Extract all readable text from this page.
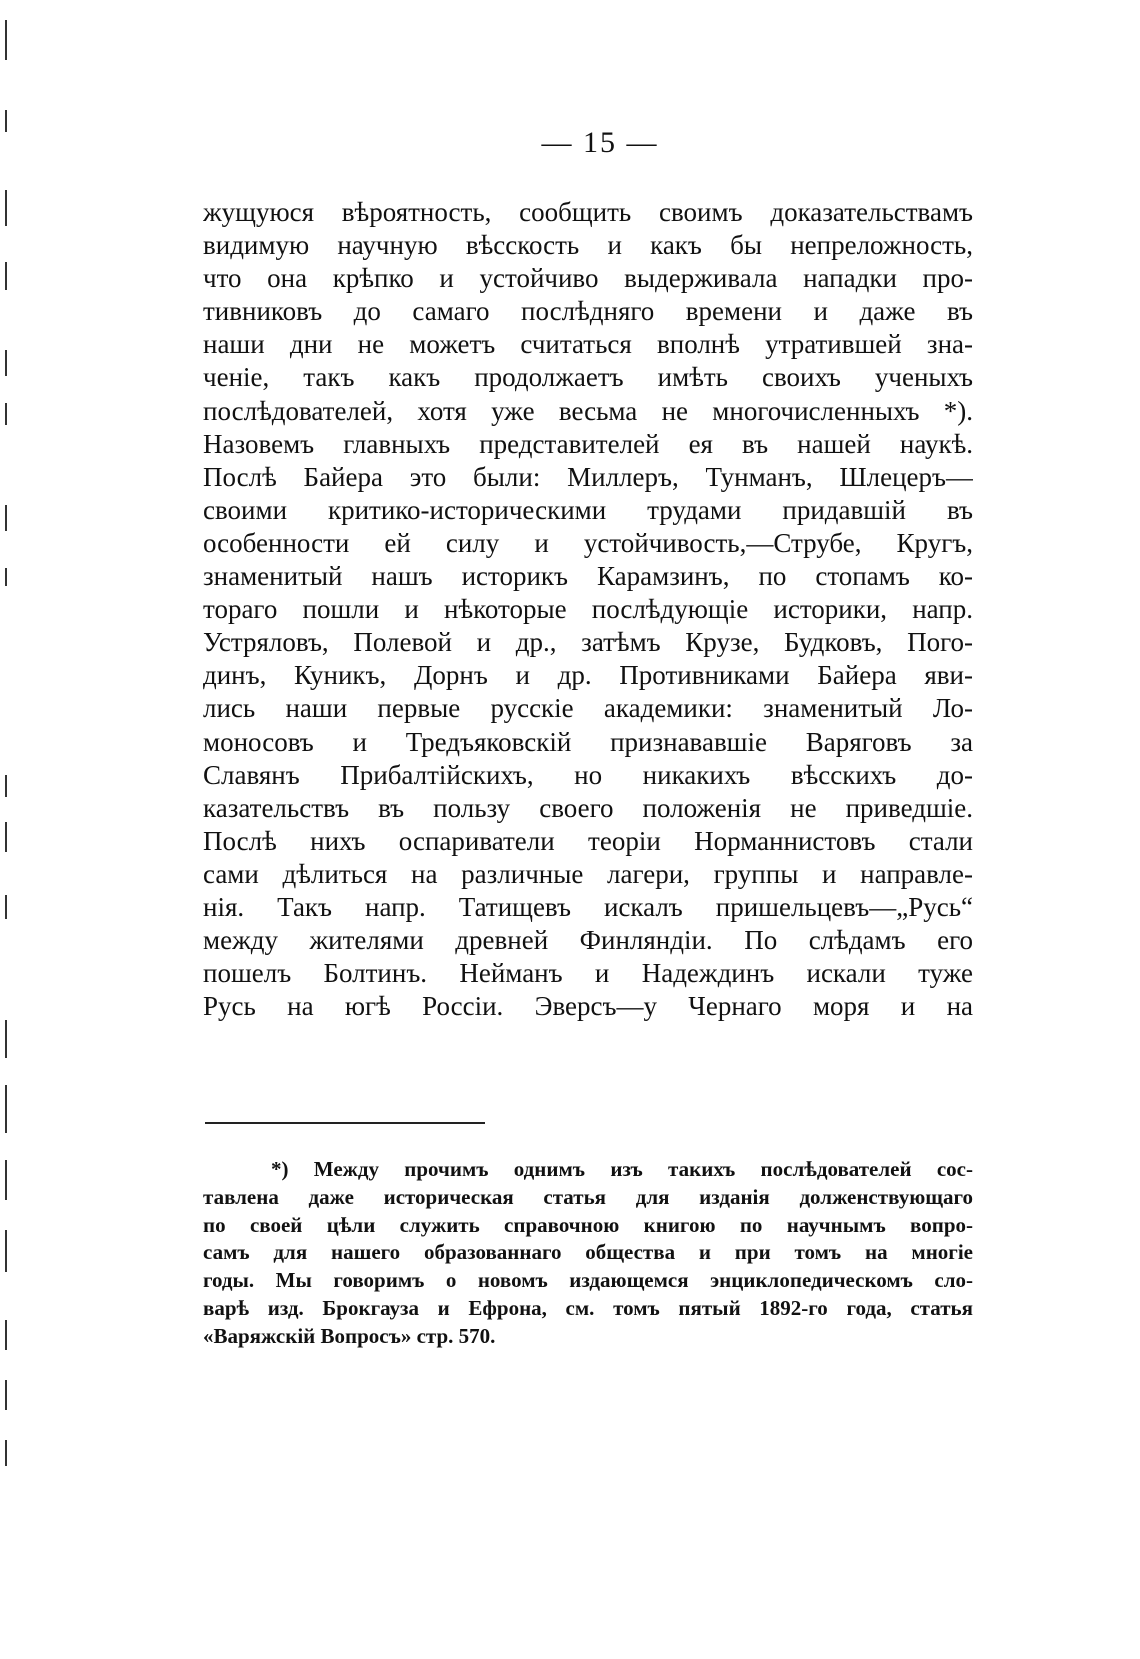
— 15 —
жущуюся вѣроятность, сообщить своимъ доказательствамъ
видимую научную вѣсскость и какъ бы непреложность,
что она крѣпко и устойчиво выдерживала нападки про-
тивниковъ до самаго послѣдняго времени и даже въ
наши дни не можетъ считаться вполнѣ утратившей зна-
ченіе, такъ какъ продолжаетъ имѣть своихъ ученыхъ
послѣдователей, хотя уже весьма не многочисленныхъ *).
Назовемъ главныхъ представителей ея въ нашей наукѣ.
Послѣ Байера это были: Миллеръ, Тунманъ, Шлецеръ—
своими критико-историческими трудами придавшій въ
особенности ей силу и устойчивость,—Струбе, Кругъ,
знаменитый нашъ историкъ Карамзинъ, по стопамъ ко-
тораго пошли и нѣкоторые послѣдующіе историки, напр.
Устряловъ, Полевой и др., затѣмъ Крузе, Будковъ, Пого-
динъ, Куникъ, Дорнъ и др. Противниками Байера яви-
лись наши первые русскіе академики: знаменитый Ло-
моносовъ и Тредъяковскій признававшіе Варяговъ за
Славянъ Прибалтійскихъ, но никакихъ вѣсскихъ до-
казательствъ въ пользу своего положенія не приведшіе.
Послѣ нихъ оспариватели теоріи Норманнистовъ стали
сами дѣлиться на различные лагери, группы и направле-
нія. Такъ напр. Татищевъ искалъ пришельцевъ—„Русь“
между жителями древней Финляндіи. По слѣдамъ его
пошелъ Болтинъ. Нейманъ и Надеждинъ искали туже
Русь на югѣ Россіи. Эверсъ—у Чернаго моря и на
*) Между прочимъ однимъ изъ такихъ послѣдователей сос-
тавлена даже историческая статья для изданія долженствующаго
по своей цѣли служить справочною книгою по научнымъ вопро-
самъ для нашего образованнаго общества и при томъ на многіе
годы. Мы говоримъ о новомъ издающемся энциклопедическомъ сло-
варѣ изд. Брокгауза и Ефрона, см. томъ пятый 1892-го года, статья
«Варяжскій Вопросъ» стр. 570.
